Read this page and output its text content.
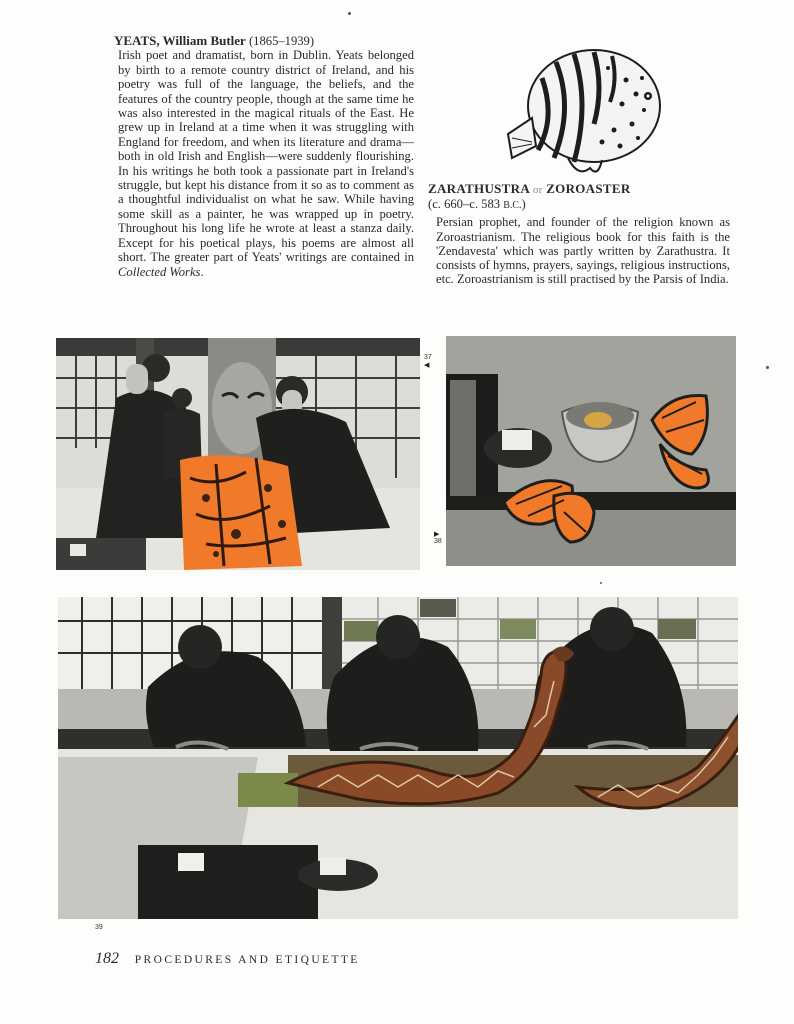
YEATS, William Butler (1865–1939)
Irish poet and dramatist, born in Dublin. Yeats belonged by birth to a remote country district of Ireland, and his poetry was full of the language, the beliefs, and the features of the country people, though at the same time he was also interested in the magical rituals of the East. He grew up in Ireland at a time when it was struggling with England for freedom, and when its literature and drama—both in old Irish and English—were suddenly flourishing. In his writings he both took a passionate part in Ireland's struggle, but kept his distance from it so as to comment as a thoughtful individualist on what he saw. While having some skill as a painter, he was wrapped up in poetry. Throughout his long life he wrote at least a stanza daily. Except for his poetical plays, his poems are almost all short. The greater part of Yeats' writings are contained in Collected Works.
ZARATHUSTRA or ZOROASTER
(c. 660–c. 583 B.C.)
Persian prophet, and founder of the religion known as Zoroastrianism. The religious book for this faith is the 'Zendavesta' which was partly written by Zarathustra. It consists of hymns, prayers, sayings, religious instructions, etc. Zoroastrianism is still practised by the Parsis of India.
37
◀
▶
38
39
182 PROCEDURES AND ETIQUETTE
